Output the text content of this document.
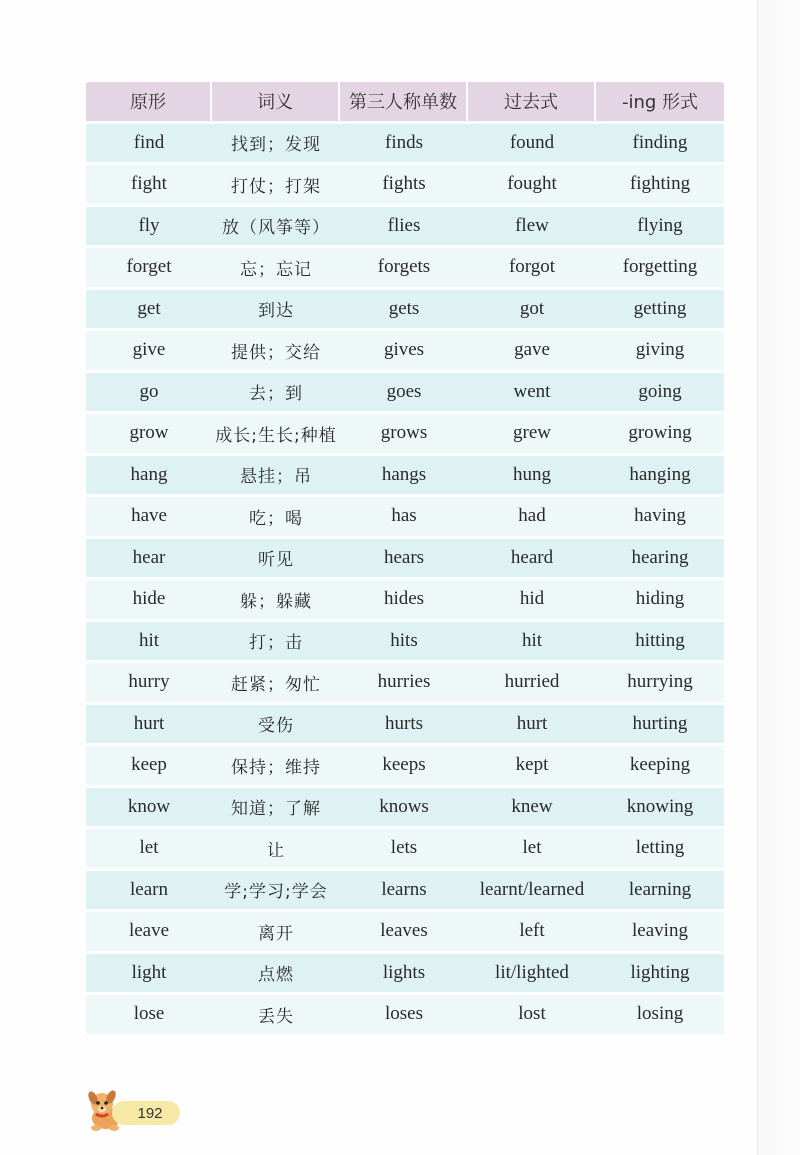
原形	词义	第三人称单数	过去式	-ing 形式
find	找到；发现	finds	found	finding
fight	打仗；打架	fights	fought	fighting
fly	放（风筝等）	flies	flew	flying
forget	忘；忘记	forgets	forgot	forgetting
get	到达	gets	got	getting
give	提供；交给	gives	gave	giving
go	去；到	goes	went	going
grow	成长;生长;种植	grows	grew	growing
hang	悬挂；吊	hangs	hung	hanging
have	吃；喝	has	had	having
hear	听见	hears	heard	hearing
hide	躲；躲藏	hides	hid	hiding
hit	打；击	hits	hit	hitting
hurry	赶紧；匆忙	hurries	hurried	hurrying
hurt	受伤	hurts	hurt	hurting
keep	保持；维持	keeps	kept	keeping
know	知道；了解	knows	knew	knowing
let	让	lets	let	letting
learn	学;学习;学会	learns	learnt/learned	learning
leave	离开	leaves	left	leaving
light	点燃	lights	lit/lighted	lighting
lose	丢失	loses	lost	losing
192
